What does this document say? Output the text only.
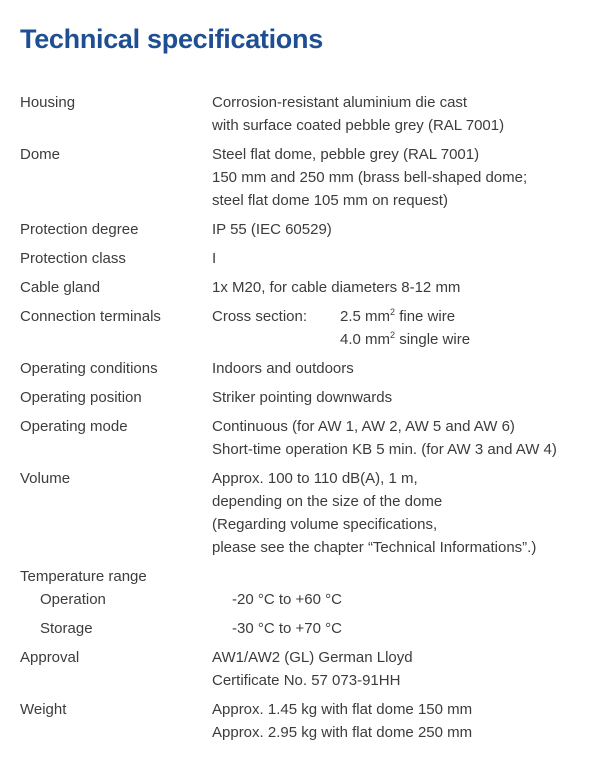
Technical specifications
Housing	Corrosion-resistant aluminium die cast
with surface coated pebble grey (RAL 7001)
Dome	Steel flat dome, pebble grey (RAL 7001)
150 mm and 250 mm (brass bell-shaped dome;
steel flat dome 105 mm on request)
Protection degree	IP 55 (IEC 60529)
Protection class	I
Cable gland	1x M20, for cable diameters 8-12 mm
Connection terminals	Cross section:	2.5 $mm^2$ fine wire
4.0 $mm^2$ single wire
Operating conditions	Indoors and outdoors
Operating position	Striker pointing downwards
Operating mode	Continuous (for AW 1, AW 2, AW 5 and AW 6)
Short-time operation KB 5 min. (for AW 3 and AW 4)
Volume	Approx. 100 to 110 dB(A), 1 m,
depending on the size of the dome
(Regarding volume specifications,
please see the chapter “Technical Informations”.)
Temperature range
Operation	-20 °C to +60 °C
Storage	-30 °C to +70 °C
Approval	AW1/AW2 (GL) German Lloyd
Certificate No. 57 073-91HH
Weight	Approx. 1.45 kg with flat dome 150 mm
Approx. 2.95 kg with flat dome 250 mm
